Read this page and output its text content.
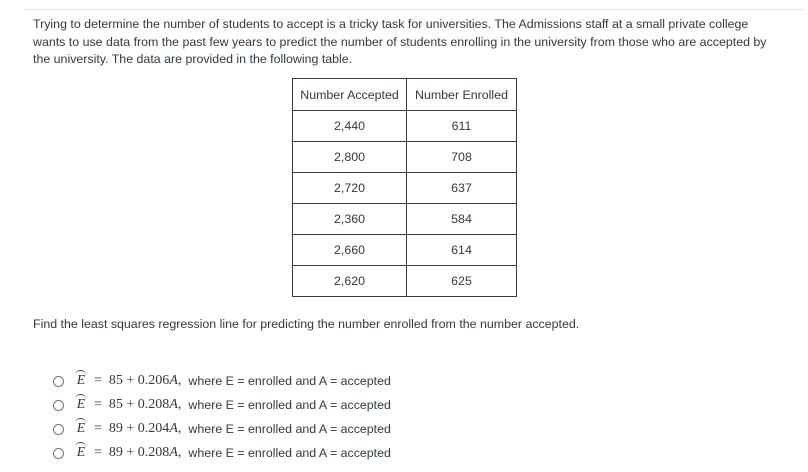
Trying to determine the number of students to accept is a tricky task for universities. The Admissions staff at a small private college wants to use data from the past few years to predict the number of students enrolling in the university from those who are accepted by the university. The data are provided in the following table.

Number Accepted	Number Enrolled
2,440	611
2,800	708
2,720	637
2,360	584
2,660	614
2,620	625

Find the least squares regression line for predicting the number enrolled from the number accepted.

E  =  85 + 0.206A, where E = enrolled and A = accepted
E  =  85 + 0.208A, where E = enrolled and A = accepted
E  =  89 + 0.204A, where E = enrolled and A = accepted
E  =  89 + 0.208A, where E = enrolled and A = accepted
